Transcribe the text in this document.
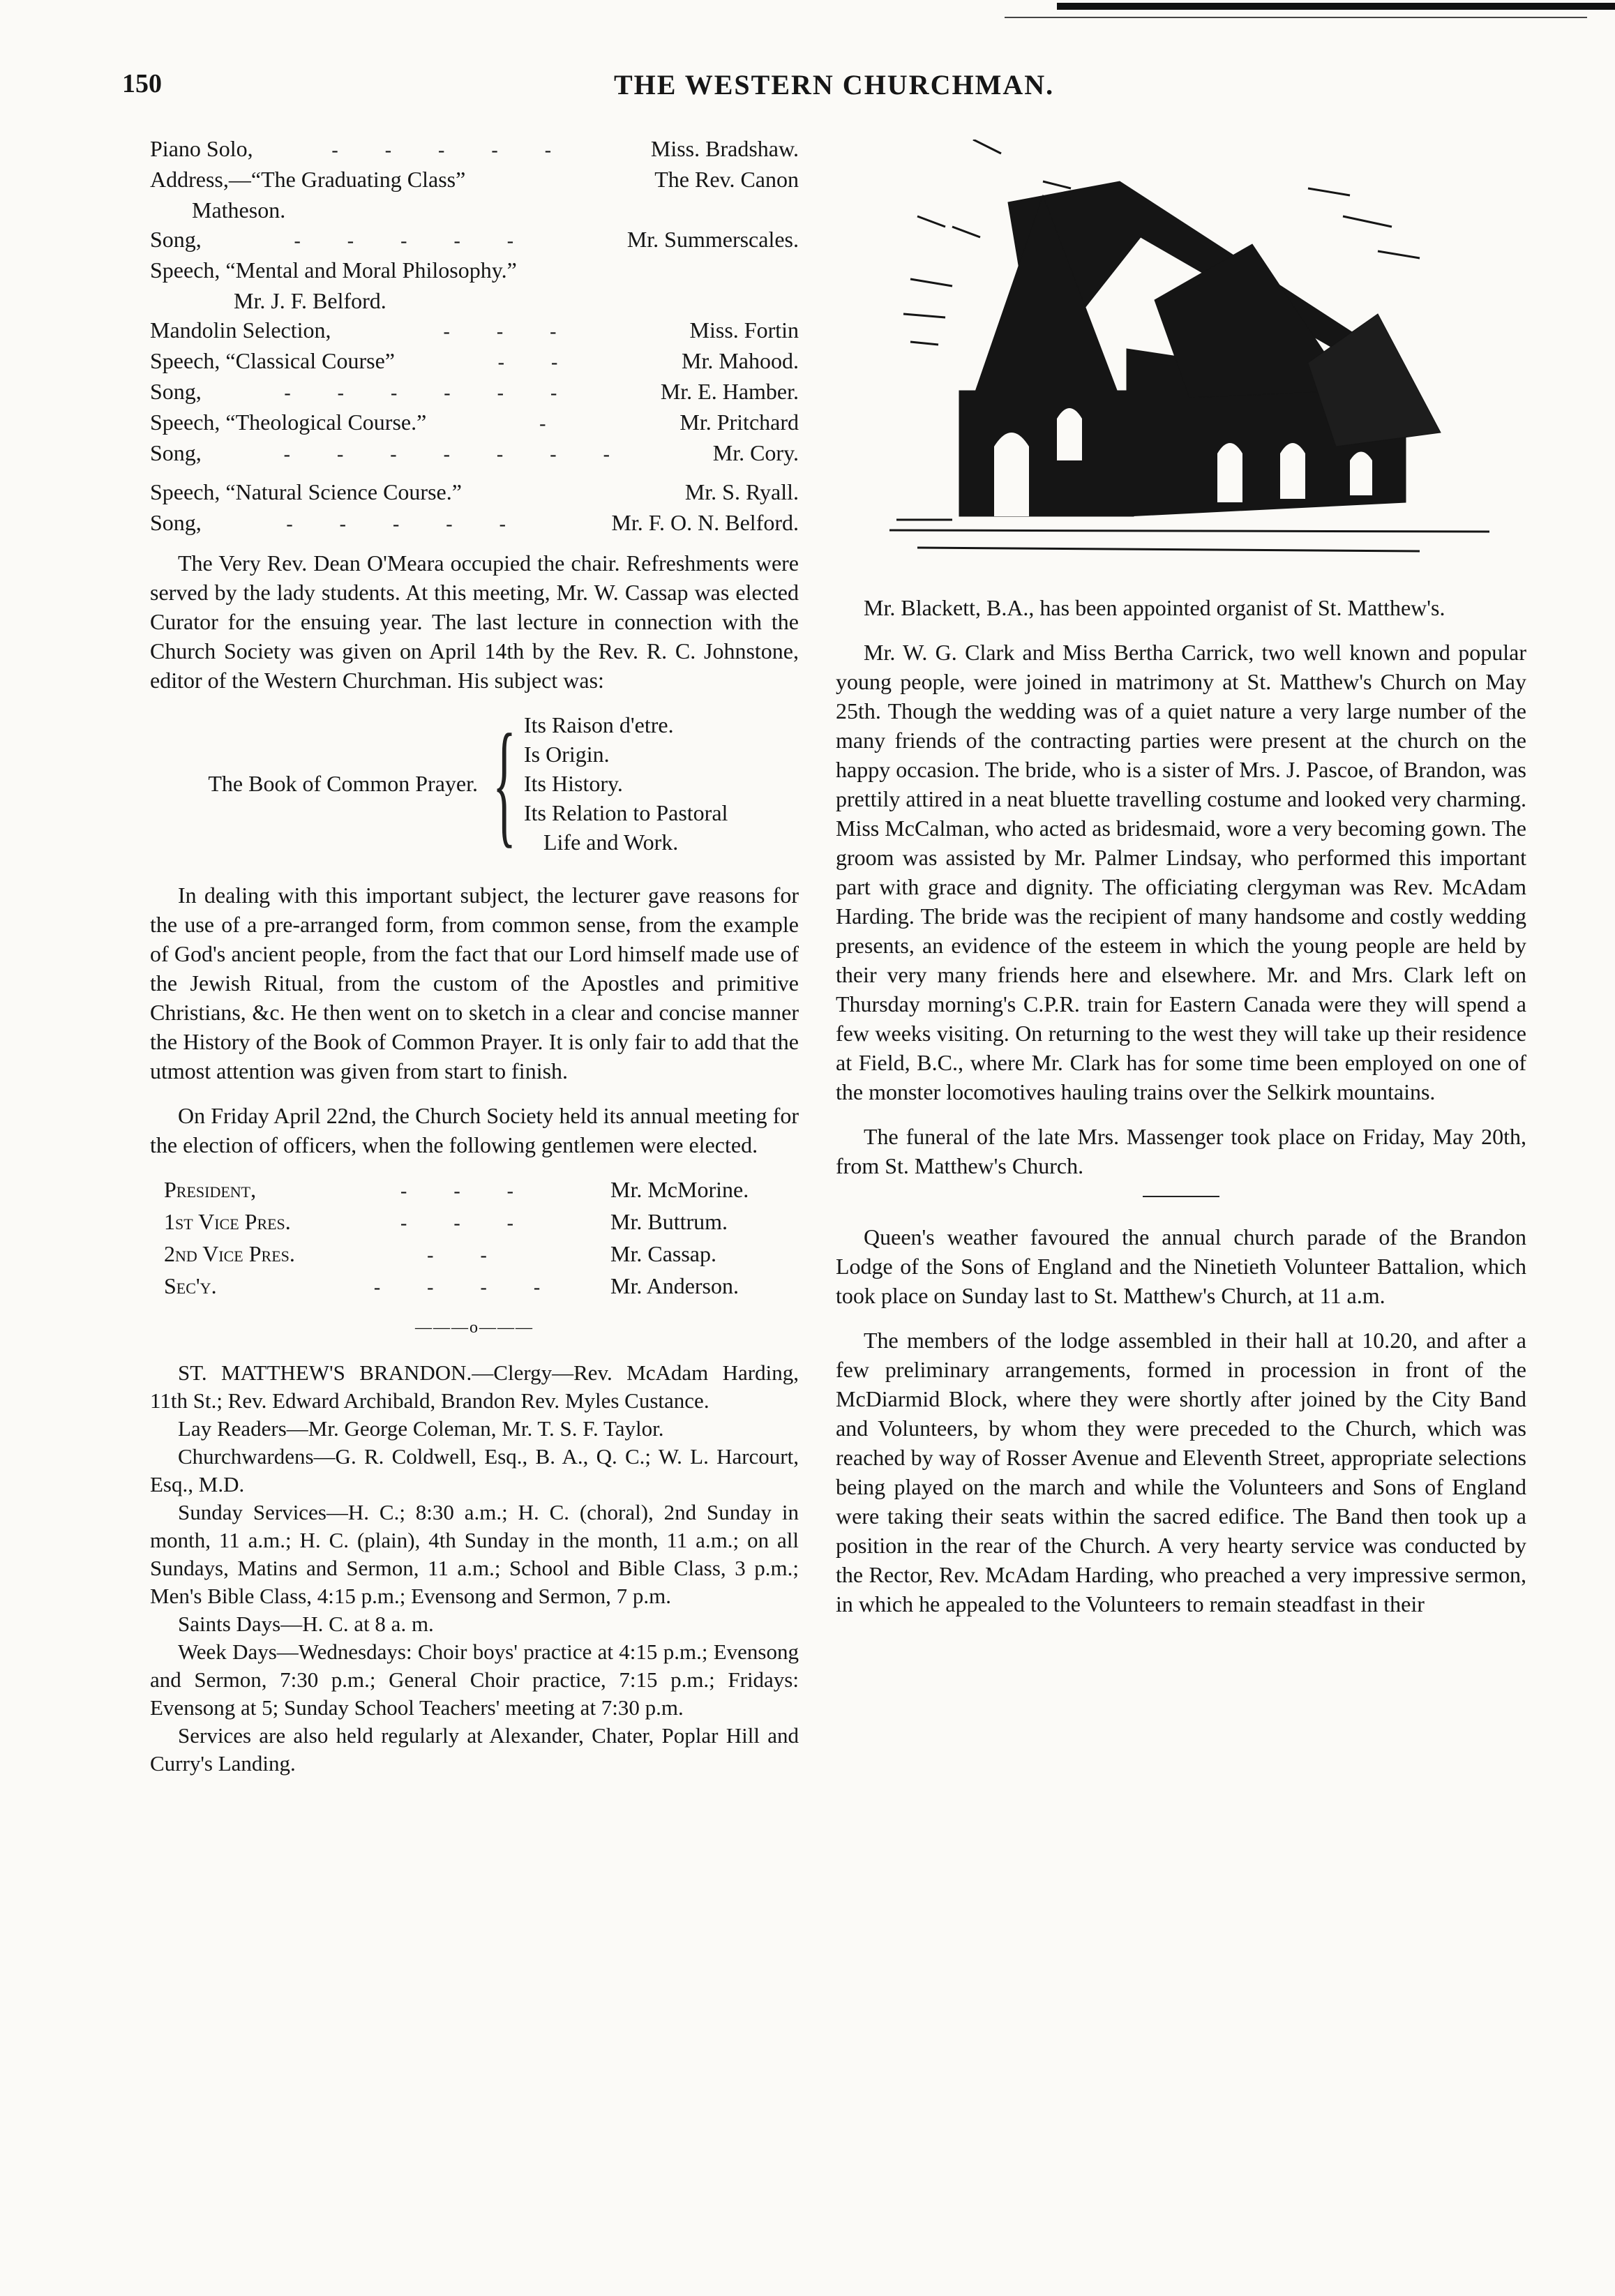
150	THE WESTERN CHURCHMAN.
Piano Solo,	- - - - -	Miss. Bradshaw.
Address,—“The Graduating Class”	The Rev. Canon
Matheson.
Song,	- - - - -	Mr. Summerscales.
Speech, “Mental and Moral Philosophy.”
Mr. J. F. Belford.
Mandolin Selection,	- - -	Miss. Fortin
Speech, “Classical Course”	- -	Mr. Mahood.
Song,	- - - - - -	Mr. E. Hamber.
Speech, “Theological Course.”	-	Mr. Pritchard
Song,	- - - - - - -	Mr. Cory.
Speech, “Natural Science Course.”	Mr. S. Ryall.
Song,	- - - - -	Mr. F. O. N. Belford.

The Very Rev. Dean O'Meara occupied the chair. Refreshments were served by the lady students. At this meeting, Mr. W. Cassap was elected Curator for the ensuing year. The last lecture in connection with the Church Society was given on April 14th by the Rev. R. C. Johnstone, editor of the Western Churchman. His subject was:

The Book of Common Prayer. { Its Raison d'etre.
Is Origin.
Its History.
Its Relation to Pastoral
Life and Work.

In dealing with this important subject, the lecturer gave reasons for the use of a pre-arranged form, from common sense, from the example of God's ancient people, from the fact that our Lord himself made use of the Jewish Ritual, from the custom of the Apostles and primitive Christians, &c. He then went on to sketch in a clear and concise manner the History of the Book of Common Prayer. It is only fair to add that the utmost attention was given from start to finish.

On Friday April 22nd, the Church Society held its annual meeting for the election of officers, when the following gentlemen were elected.

President,	- - -	Mr. McMorine.
1st Vice Pres.	- - -	Mr. Buttrum.
2nd Vice Pres.	- -	Mr. Cassap.
Sec'y.	- - - -	Mr. Anderson.
———o———

ST. MATTHEW'S BRANDON.—Clergy—Rev. McAdam Harding, 11th St.; Rev. Edward Archibald, Brandon Rev. Myles Custance.

Lay Readers—Mr. George Coleman, Mr. T. S. F. Taylor.

Churchwardens—G. R. Coldwell, Esq., B. A., Q. C.; W. L. Harcourt, Esq., M.D.

Sunday Services—H. C.; 8:30 a.m.; H. C. (choral), 2nd Sunday in month, 11 a.m.; H. C. (plain), 4th Sunday in the month, 11 a.m.; on all Sundays, Matins and Sermon, 11 a.m.; School and Bible Class, 3 p.m.; Men's Bible Class, 4:15 p.m.; Evensong and Sermon, 7 p.m.

Saints Days—H. C. at 8 a. m.

Week Days—Wednesdays: Choir boys' practice at 4:15 p.m.; Evensong and Sermon, 7:30 p.m.; General Choir practice, 7:15 p.m.; Fridays: Evensong at 5; Sunday School Teachers' meeting at 7:30 p.m.

Services are also held regularly at Alexander, Chater, Poplar Hill and Curry's Landing.

Mr. Blackett, B.A., has been appointed organist of St. Matthew's.

Mr. W. G. Clark and Miss Bertha Carrick, two well known and popular young people, were joined in matrimony at St. Matthew's Church on May 25th. Though the wedding was of a quiet nature a very large number of the many friends of the contracting parties were present at the church on the happy occasion. The bride, who is a sister of Mrs. J. Pascoe, of Brandon, was prettily attired in a neat bluette travelling costume and looked very charming. Miss McCalman, who acted as bridesmaid, wore a very becoming gown. The groom was assisted by Mr. Palmer Lindsay, who performed this important part with grace and dignity. The officiating clergyman was Rev. McAdam Harding. The bride was the recipient of many handsome and costly wedding presents, an evidence of the esteem in which the young people are held by their very many friends here and elsewhere. Mr. and Mrs. Clark left on Thursday morning's C.P.R. train for Eastern Canada were they will spend a few weeks visiting. On returning to the west they will take up their residence at Field, B.C., where Mr. Clark has for some time been employed on one of the monster locomotives hauling trains over the Selkirk mountains.

The funeral of the late Mrs. Massenger took place on Friday, May 20th, from St. Matthew's Church.

Queen's weather favoured the annual church parade of the Brandon Lodge of the Sons of England and the Ninetieth Volunteer Battalion, which took place on Sunday last to St. Matthew's Church, at 11 a.m.

The members of the lodge assembled in their hall at 10.20, and after a few preliminary arrangements, formed in procession in front of the McDiarmid Block, where they were shortly after joined by the City Band and Volunteers, by whom they were preceded to the Church, which was reached by way of Rosser Avenue and Eleventh Street, appropriate selections being played on the march and while the Volunteers and Sons of England were taking their seats within the sacred edifice. The Band then took up a position in the rear of the Church. A very hearty service was conducted by the Rector, Rev. McAdam Harding, who preached a very impressive sermon, in which he appealed to the Volunteers to remain steadfast in their
